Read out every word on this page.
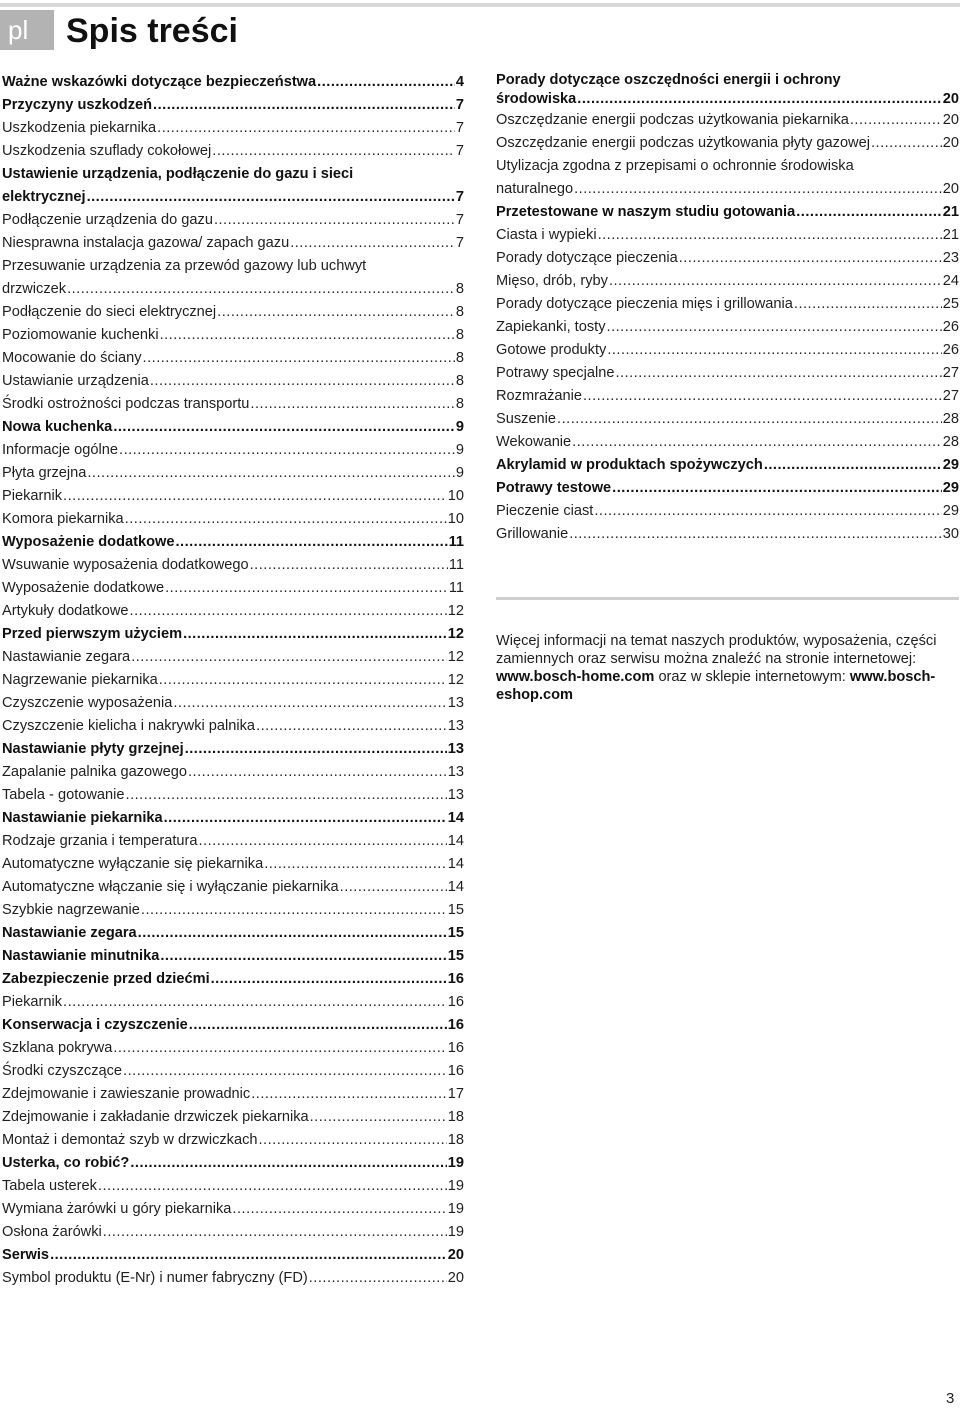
pl	Spis treści
Ważne wskazówki dotyczące bezpieczeństwa .....	4
Przyczyny uszkodzeń .....	7
Uszkodzenia piekarnika .....	7
Uszkodzenia szuflady cokołowej .....	7
Ustawienie urządzenia, podłączenie do gazu i sieci
elektrycznej .....	7
Podłączenie urządzenia do gazu .....	7
Niesprawna instalacja gazowa/ zapach gazu .....	7
Przesuwanie urządzenia za przewód gazowy lub uchwyt
drzwiczek .....	8
Podłączenie do sieci elektrycznej .....	8
Poziomowanie kuchenki .....	8
Mocowanie do ściany .....	8
Ustawianie urządzenia .....	8
Środki ostrożności podczas transportu .....	8
Nowa kuchenka .....	9
Informacje ogólne .....	9
Płyta grzejna .....	9
Piekarnik .....	10
Komora piekarnika .....	10
Wyposażenie dodatkowe .....	11
Wsuwanie wyposażenia dodatkowego .....	11
Wyposażenie dodatkowe .....	11
Artykuły dodatkowe .....	12
Przed pierwszym użyciem .....	12
Nastawianie zegara .....	12
Nagrzewanie piekarnika .....	12
Czyszczenie wyposażenia .....	13
Czyszczenie kielicha i nakrywki palnika .....	13
Nastawianie płyty grzejnej .....	13
Zapalanie palnika gazowego .....	13
Tabela - gotowanie .....	13
Nastawianie piekarnika .....	14
Rodzaje grzania i temperatura .....	14
Automatyczne wyłączanie się piekarnika .....	14
Automatyczne włączanie się i wyłączanie piekarnika .....	14
Szybkie nagrzewanie .....	15
Nastawianie zegara .....	15
Nastawianie minutnika .....	15
Zabezpieczenie przed dziećmi .....	16
Piekarnik .....	16
Konserwacja i czyszczenie .....	16
Szklana pokrywa .....	16
Środki czyszczące .....	16
Zdejmowanie i zawieszanie prowadnic .....	17
Zdejmowanie i zakładanie drzwiczek piekarnika .....	18
Montaż i demontaż szyb w drzwiczkach .....	18
Usterka, co robić? .....	19
Tabela usterek .....	19
Wymiana żarówki u góry piekarnika .....	19
Osłona żarówki .....	19
Serwis .....	20
Symbol produktu (E-Nr) i numer fabryczny (FD) .....	20
Porady dotyczące oszczędności energii i ochrony
środowiska .....	20
Oszczędzanie energii podczas użytkowania piekarnika .....	20
Oszczędzanie energii podczas użytkowania płyty gazowej .....	20
Utylizacja zgodna z przepisami o ochronnie środowiska
naturalnego .....	20
Przetestowane w naszym studiu gotowania .....	21
Ciasta i wypieki .....	21
Porady dotyczące pieczenia .....	23
Mięso, drób, ryby .....	24
Porady dotyczące pieczenia mięs i grillowania .....	25
Zapiekanki, tosty .....	26
Gotowe produkty .....	26
Potrawy specjalne .....	27
Rozmrażanie .....	27
Suszenie .....	28
Wekowanie .....	28
Akrylamid w produktach spożywczych .....	29
Potrawy testowe .....	29
Pieczenie ciast .....	29
Grillowanie .....	30
Więcej informacji na temat naszych produktów, wyposażenia, części zamiennych oraz serwisu można znaleźć na stronie internetowej: www.bosch-home.com oraz w sklepie internetowym: www.bosch-eshop.com
3
